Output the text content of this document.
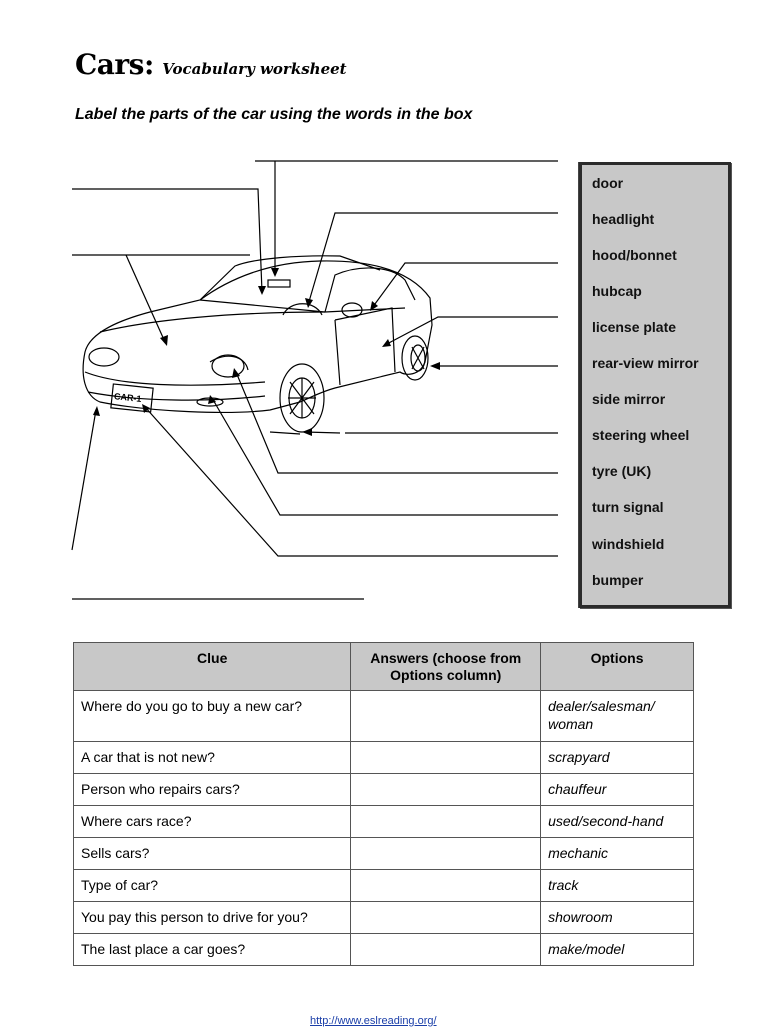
Cars: Vocabulary worksheet
Label the parts of the car using the words in the box
CAR-1
door
headlight
hood/bonnet
hubcap
license plate
rear-view mirror
side mirror
steering wheel
tyre (UK)
turn signal
windshield
bumper
Clue	Answers (choose from Options column)	Options
Where do you go to buy a new car?		dealer/salesman/ woman
A car that is not new?		scrapyard
Person who repairs cars?		chauffeur
Where cars race?		used/second-hand
Sells cars?		mechanic
Type of car?		track
You pay this person to drive for you?		showroom
The last place a car goes?		make/model
http://www.eslreading.org/
